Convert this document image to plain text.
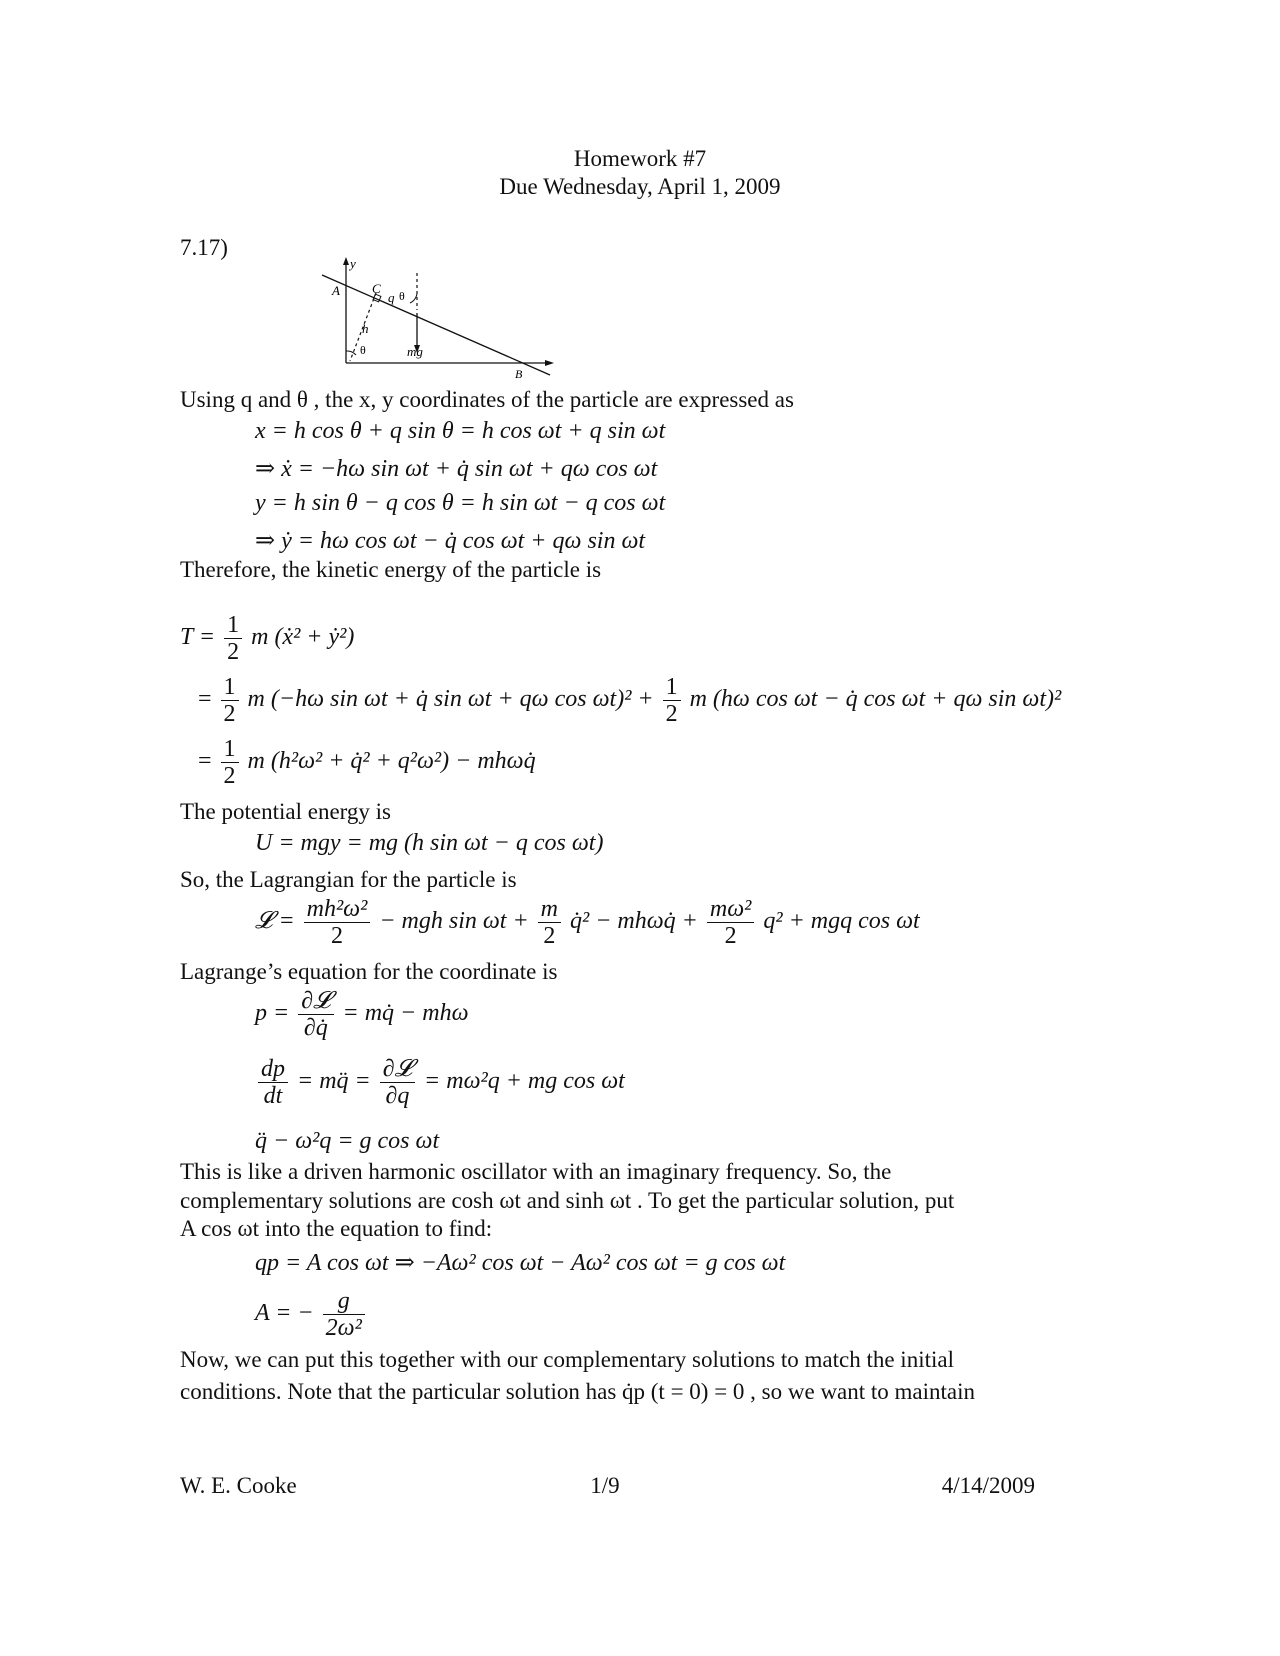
Homework #7
Due Wednesday, April 1, 2009
7.17)
y
A C
q θ
h
θ	mg
B
Using q and θ , the x, y coordinates of the particle are expressed as
x = h cos θ + q sin θ = h cos ωt + q sin ωt
⇒ ẋ = −hω sin ωt + q̇ sin ωt + qω cos ωt
y = h sin θ − q cos θ = h sin ωt − q cos ωt
⇒ ẏ = hω cos ωt − q̇ cos ωt + qω sin ωt
Therefore, the kinetic energy of the particle is
$T = \frac{1}{2}$ m (ẋ² + ẏ²)
= $\frac{1}{2}$ m (−hω sin ωt + q̇ sin ωt + qω $\cos \omega t)^2 + \frac{1}{2}$ m (hω cos ωt − q̇ cos ωt + qω sin ωt)²
= $\frac{1}{2}$ m (h²ω² + q̇² + q²ω²) − mhωq̇
The potential energy is
U = mgy = mg (h sin ωt − q cos ωt)
So, the Lagrangian for the particle is
𝓛 = $\frac{\text{mh²ω²}}{2}$ − mgh $\sin \omega t + \frac{m}{2}$ q̇² − mhωq̇ + $\frac{\text{mω²}}{2} q^2$ + mgq cos ωt
Lagrange’s equation for the coordinate is
$p = \frac{\text{∂𝓛}}{\partial q̇}$ = mq̇ − mhω
$\frac{dp}{dt}$ = mq̈ = $\frac{\text{∂𝓛}}{\partial q} = m\omega^2q$ + mg cos ωt
q̈ − ω²q = g cos ωt
This is like a driven harmonic oscillator with an imaginary frequency. So, the
complementary solutions are cosh ωt and sinh ωt . To get the particular solution, put
A cos ωt into the equation to find:
qp = A cos ωt ⇒ −Aω² cos ωt − Aω² cos ωt = g cos ωt
A = − $\frac{g}{\text{2ω²}}$
Now, we can put this together with our complementary solutions to match the initial
conditions. Note that the particular solution has q̇p (t = 0) = 0 , so we want to maintain
W. E. Cooke	1/9	4/14/2009
